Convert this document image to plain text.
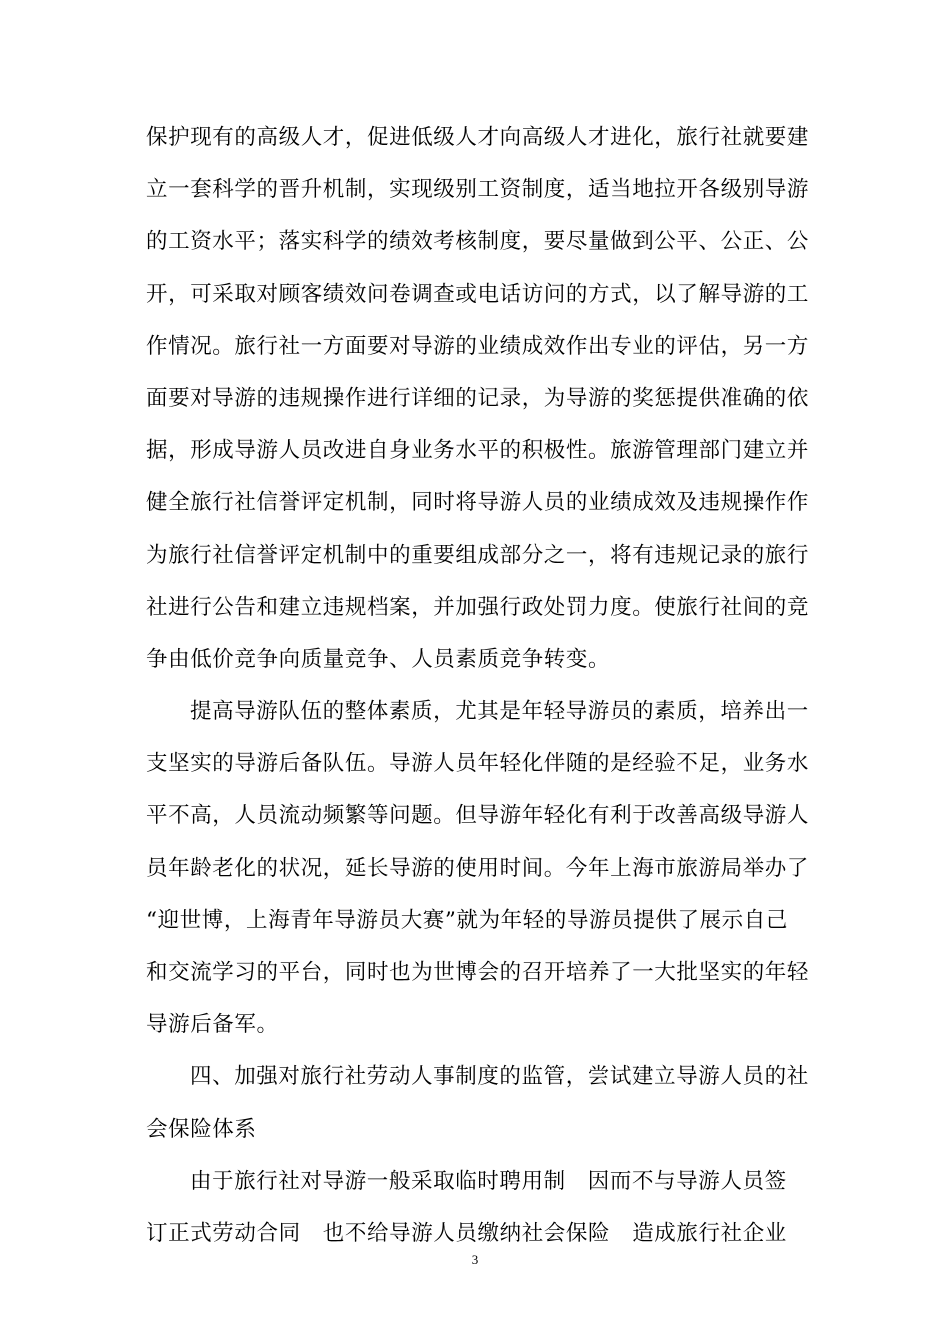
保护现有的高级人才，促进低级人才向高级人才进化，旅行社就要建
立一套科学的晋升机制，实现级别工资制度，适当地拉开各级别导游
的工资水平；落实科学的绩效考核制度，要尽量做到公平、公正、公
开，可采取对顾客绩效问卷调查或电话访问的方式，以了解导游的工
作情况。旅行社一方面要对导游的业绩成效作出专业的评估，另一方
面要对导游的违规操作进行详细的记录，为导游的奖惩提供准确的依
据，形成导游人员改进自身业务水平的积极性。旅游管理部门建立并
健全旅行社信誉评定机制，同时将导游人员的业绩成效及违规操作作
为旅行社信誉评定机制中的重要组成部分之一，将有违规记录的旅行
社进行公告和建立违规档案，并加强行政处罚力度。使旅行社间的竞
争由低价竞争向质量竞争、人员素质竞争转变。
提高导游队伍的整体素质，尤其是年轻导游员的素质，培养出一
支坚实的导游后备队伍。导游人员年轻化伴随的是经验不足，业务水
平不高，人员流动频繁等问题。但导游年轻化有利于改善高级导游人
员年龄老化的状况，延长导游的使用时间。今年上海市旅游局举办了
“迎世博，上海青年导游员大赛”就为年轻的导游员提供了展示自己
和交流学习的平台，同时也为世博会的召开培养了一大批坚实的年轻
导游后备军。
四、加强对旅行社劳动人事制度的监管，尝试建立导游人员的社
会保险体系
由于旅行社对导游一般采取临时聘用制　因而不与导游人员签
订正式劳动合同　也不给导游人员缴纳社会保险　造成旅行社企业
3
